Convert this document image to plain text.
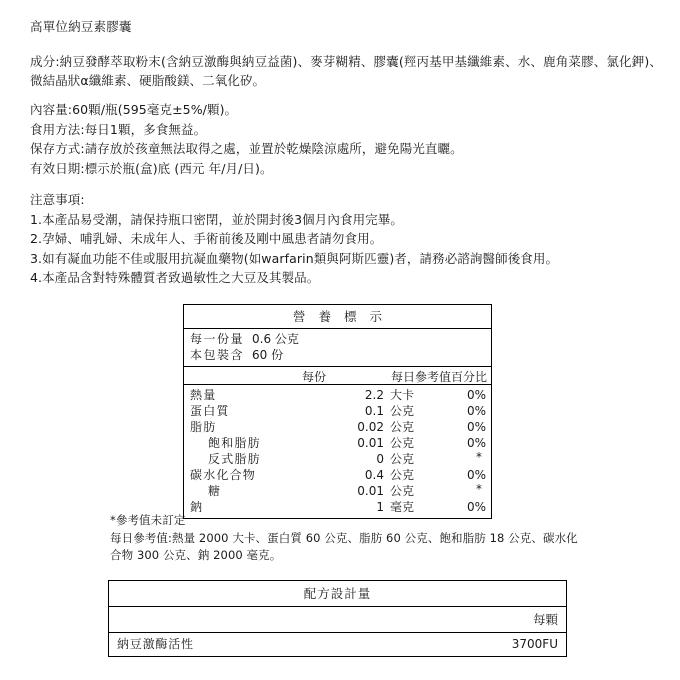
高單位納豆素膠囊
成分:納豆發酵萃取粉末(含納豆激酶與納豆益菌)、麥芽糊精、膠囊(羥丙基甲基纖維素、水、鹿角菜膠、氯化鉀)、微結晶狀α纖維素、硬脂酸鎂、二氧化矽。
內容量:60顆/瓶(595毫克±5%/顆)。
食用方法:每日1顆，多食無益。
保存方式:請存放於孩童無法取得之處，並置於乾燥陰涼處所，避免陽光直曬。
有效日期:標示於瓶(盒)底 (西元 年/月/日)。
注意事項:
1.本產品易受潮，請保持瓶口密閉，並於開封後3個月內食用完畢。
2.孕婦、哺乳婦、未成年人、手術前後及剛中風患者請勿食用。
3.如有凝血功能不佳或服用抗凝血藥物(如warfarin類與阿斯匹靈)者，請務必諮詢醫師後食用。
4.本產品含對特殊體質者致過敏性之大豆及其製品。
營養標示
每一份量 0.6 公克
本包裝含 60 份
每份	每日參考值百分比
熱量	2.2 大卡	0%
蛋白質	0.1 公克	0%
脂肪	0.02 公克	0%
飽和脂肪	0.01 公克	0%
反式脂肪	0 公克	*
碳水化合物	0.4 公克	0%
糖	0.01 公克	*
鈉	1 毫克	0%
*參考值未訂定
每日參考值:熱量 2000 大卡、蛋白質 60 公克、脂肪 60 公克、飽和脂肪 18 公克、碳水化合物 300 公克、鈉 2000 毫克。
配方設計量
每顆
納豆激酶活性	3700FU
